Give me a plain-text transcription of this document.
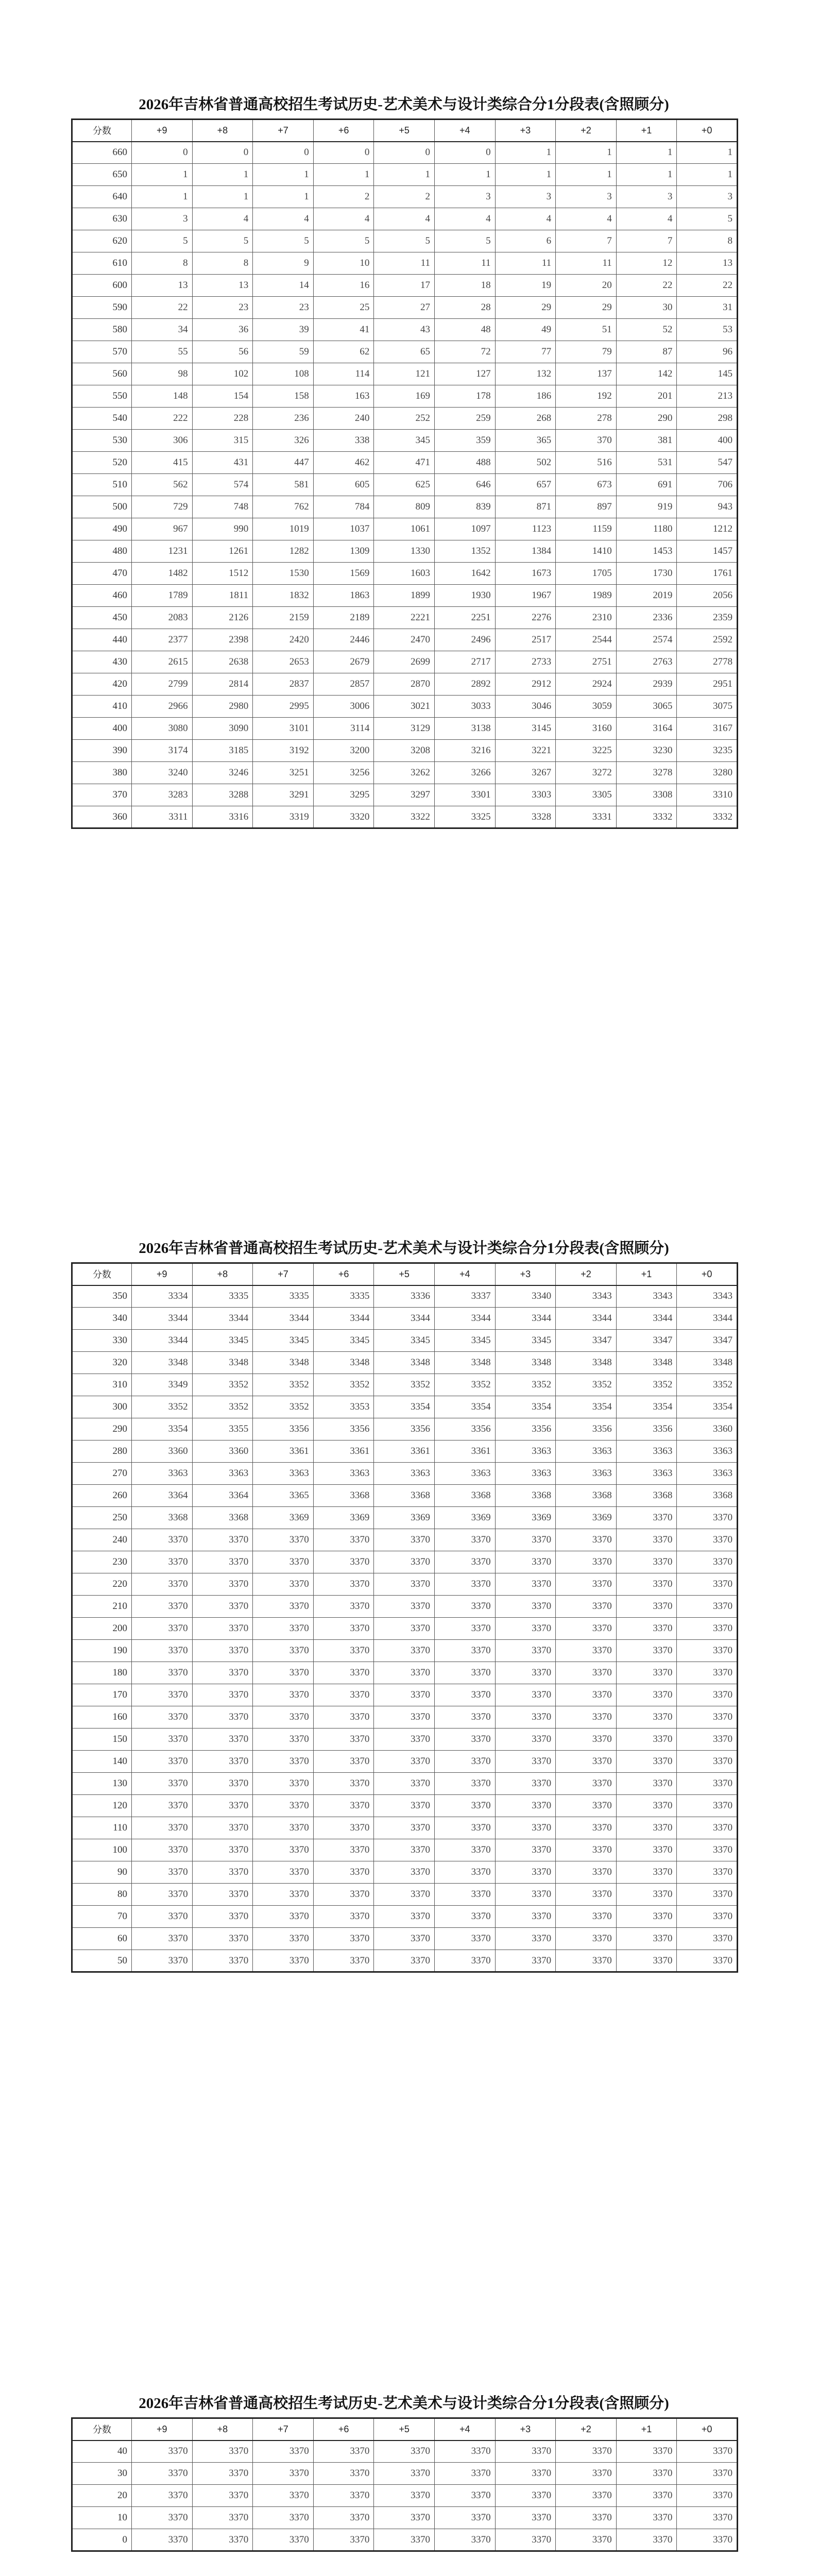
2026年吉林省普通高校招生考试历史-艺术美术与设计类综合分1分段表(含照顾分)
分数	+9	+8	+7	+6	+5	+4	+3	+2	+1	+0
660	0	0	0	0	0	0	1	1	1	1
650	1	1	1	1	1	1	1	1	1	1
640	1	1	1	2	2	3	3	3	3	3
630	3	4	4	4	4	4	4	4	4	5
620	5	5	5	5	5	5	6	7	7	8
610	8	8	9	10	11	11	11	11	12	13
600	13	13	14	16	17	18	19	20	22	22
590	22	23	23	25	27	28	29	29	30	31
580	34	36	39	41	43	48	49	51	52	53
570	55	56	59	62	65	72	77	79	87	96
560	98	102	108	114	121	127	132	137	142	145
550	148	154	158	163	169	178	186	192	201	213
540	222	228	236	240	252	259	268	278	290	298
530	306	315	326	338	345	359	365	370	381	400
520	415	431	447	462	471	488	502	516	531	547
510	562	574	581	605	625	646	657	673	691	706
500	729	748	762	784	809	839	871	897	919	943
490	967	990	1019	1037	1061	1097	1123	1159	1180	1212
480	1231	1261	1282	1309	1330	1352	1384	1410	1453	1457
470	1482	1512	1530	1569	1603	1642	1673	1705	1730	1761
460	1789	1811	1832	1863	1899	1930	1967	1989	2019	2056
450	2083	2126	2159	2189	2221	2251	2276	2310	2336	2359
440	2377	2398	2420	2446	2470	2496	2517	2544	2574	2592
430	2615	2638	2653	2679	2699	2717	2733	2751	2763	2778
420	2799	2814	2837	2857	2870	2892	2912	2924	2939	2951
410	2966	2980	2995	3006	3021	3033	3046	3059	3065	3075
400	3080	3090	3101	3114	3129	3138	3145	3160	3164	3167
390	3174	3185	3192	3200	3208	3216	3221	3225	3230	3235
380	3240	3246	3251	3256	3262	3266	3267	3272	3278	3280
370	3283	3288	3291	3295	3297	3301	3303	3305	3308	3310
360	3311	3316	3319	3320	3322	3325	3328	3331	3332	3332
2026年吉林省普通高校招生考试历史-艺术美术与设计类综合分1分段表(含照顾分)
分数	+9	+8	+7	+6	+5	+4	+3	+2	+1	+0
350	3334	3335	3335	3335	3336	3337	3340	3343	3343	3343
340	3344	3344	3344	3344	3344	3344	3344	3344	3344	3344
330	3344	3345	3345	3345	3345	3345	3345	3347	3347	3347
320	3348	3348	3348	3348	3348	3348	3348	3348	3348	3348
310	3349	3352	3352	3352	3352	3352	3352	3352	3352	3352
300	3352	3352	3352	3353	3354	3354	3354	3354	3354	3354
290	3354	3355	3356	3356	3356	3356	3356	3356	3356	3360
280	3360	3360	3361	3361	3361	3361	3363	3363	3363	3363
270	3363	3363	3363	3363	3363	3363	3363	3363	3363	3363
260	3364	3364	3365	3368	3368	3368	3368	3368	3368	3368
250	3368	3368	3369	3369	3369	3369	3369	3369	3370	3370
240	3370	3370	3370	3370	3370	3370	3370	3370	3370	3370
230	3370	3370	3370	3370	3370	3370	3370	3370	3370	3370
220	3370	3370	3370	3370	3370	3370	3370	3370	3370	3370
210	3370	3370	3370	3370	3370	3370	3370	3370	3370	3370
200	3370	3370	3370	3370	3370	3370	3370	3370	3370	3370
190	3370	3370	3370	3370	3370	3370	3370	3370	3370	3370
180	3370	3370	3370	3370	3370	3370	3370	3370	3370	3370
170	3370	3370	3370	3370	3370	3370	3370	3370	3370	3370
160	3370	3370	3370	3370	3370	3370	3370	3370	3370	3370
150	3370	3370	3370	3370	3370	3370	3370	3370	3370	3370
140	3370	3370	3370	3370	3370	3370	3370	3370	3370	3370
130	3370	3370	3370	3370	3370	3370	3370	3370	3370	3370
120	3370	3370	3370	3370	3370	3370	3370	3370	3370	3370
110	3370	3370	3370	3370	3370	3370	3370	3370	3370	3370
100	3370	3370	3370	3370	3370	3370	3370	3370	3370	3370
90	3370	3370	3370	3370	3370	3370	3370	3370	3370	3370
80	3370	3370	3370	3370	3370	3370	3370	3370	3370	3370
70	3370	3370	3370	3370	3370	3370	3370	3370	3370	3370
60	3370	3370	3370	3370	3370	3370	3370	3370	3370	3370
50	3370	3370	3370	3370	3370	3370	3370	3370	3370	3370
2026年吉林省普通高校招生考试历史-艺术美术与设计类综合分1分段表(含照顾分)
分数	+9	+8	+7	+6	+5	+4	+3	+2	+1	+0
40	3370	3370	3370	3370	3370	3370	3370	3370	3370	3370
30	3370	3370	3370	3370	3370	3370	3370	3370	3370	3370
20	3370	3370	3370	3370	3370	3370	3370	3370	3370	3370
10	3370	3370	3370	3370	3370	3370	3370	3370	3370	3370
0	3370	3370	3370	3370	3370	3370	3370	3370	3370	3370
